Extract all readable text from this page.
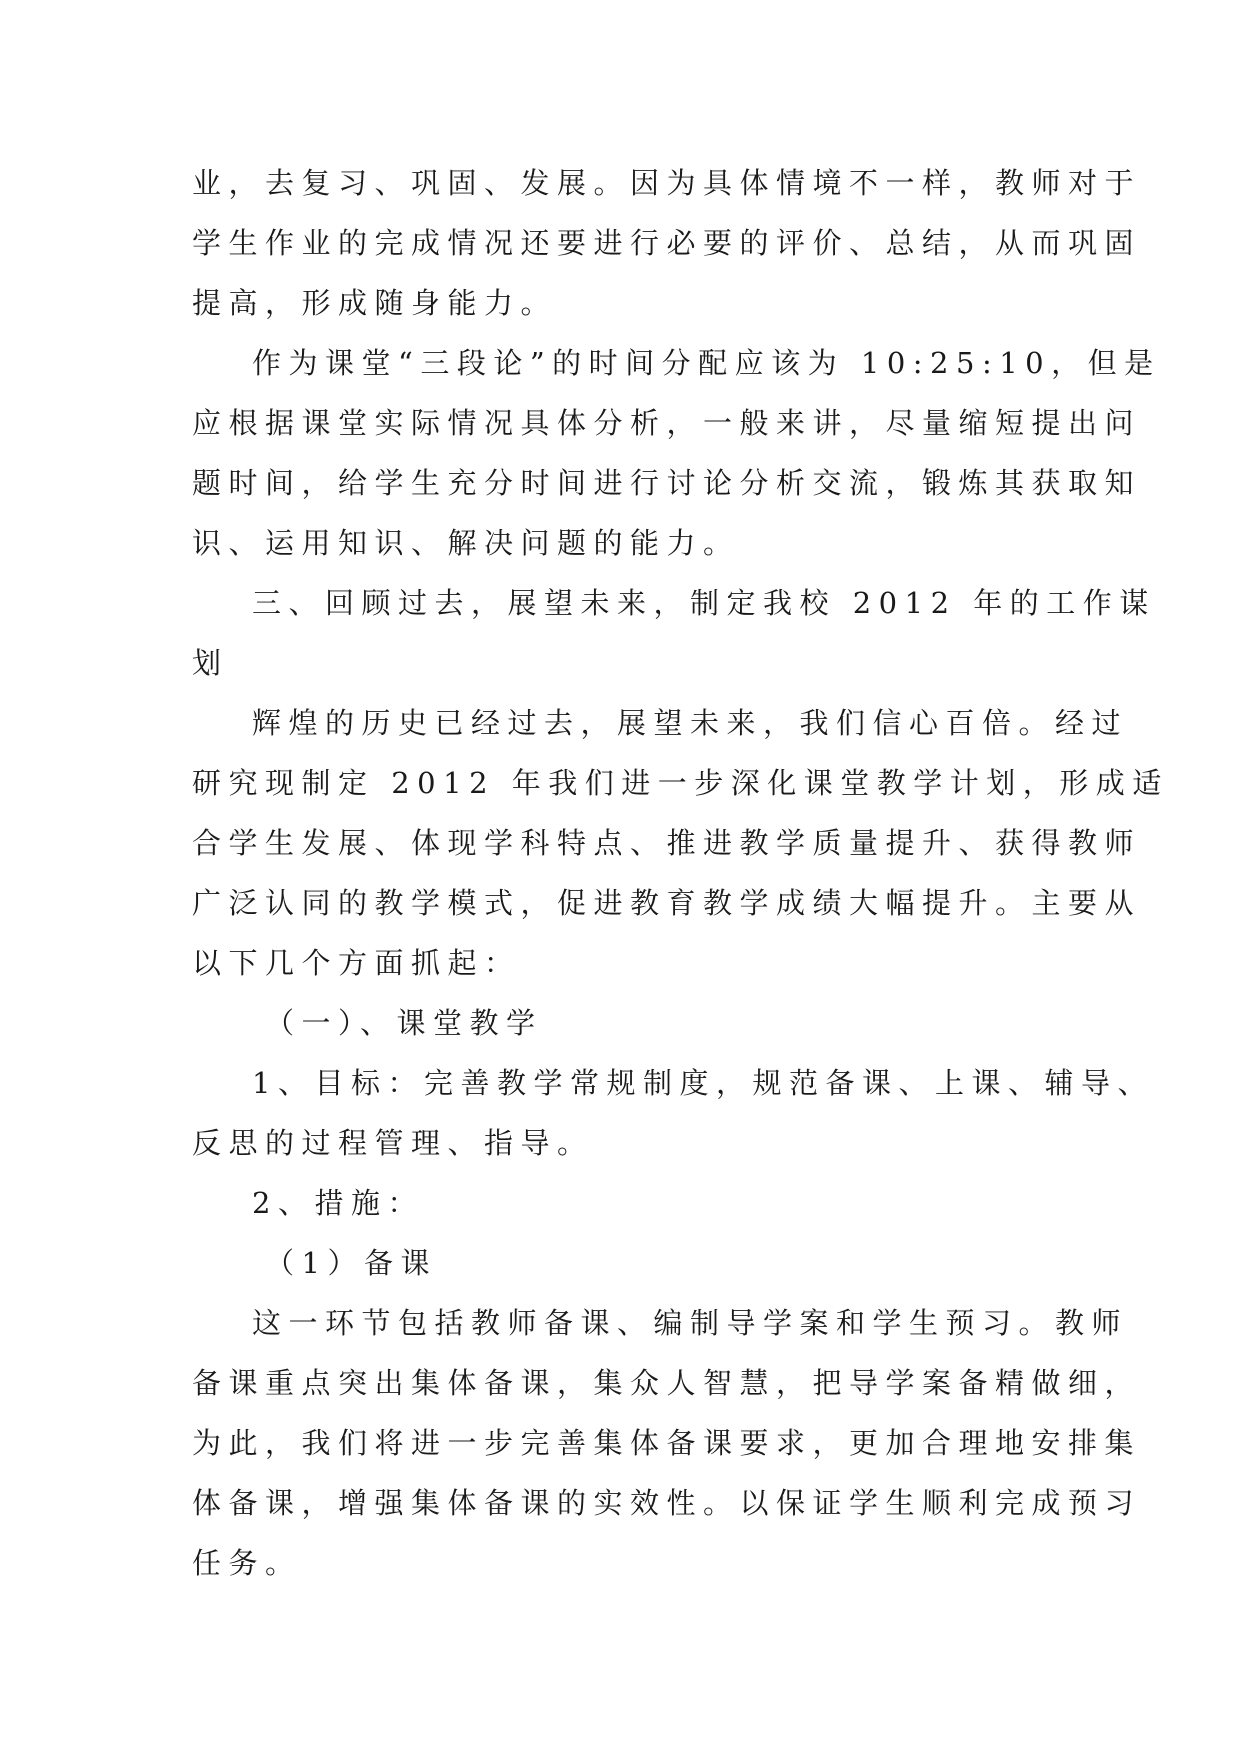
业，去复习、巩固、发展。因为具体情境不一样，教师对于
学生作业的完成情况还要进行必要的评价、总结，从而巩固
提高，形成随身能力。
作为课堂“三段论”的时间分配应该为 10:25:10，但是
应根据课堂实际情况具体分析，一般来讲，尽量缩短提出问
题时间，给学生充分时间进行讨论分析交流，锻炼其获取知
识、运用知识、解决问题的能力。
三、回顾过去，展望未来，制定我校 2012 年的工作谋
划
辉煌的历史已经过去，展望未来，我们信心百倍。经过
研究现制定 2012 年我们进一步深化课堂教学计划，形成适
合学生发展、体现学科特点、推进教学质量提升、获得教师
广泛认同的教学模式，促进教育教学成绩大幅提升。主要从
以下几个方面抓起：
（一）、课堂教学
1、目标：完善教学常规制度，规范备课、上课、辅导、
反思的过程管理、指导。
2、措施：
（1）备课
这一环节包括教师备课、编制导学案和学生预习。教师
备课重点突出集体备课，集众人智慧，把导学案备精做细，
为此，我们将进一步完善集体备课要求，更加合理地安排集
体备课，增强集体备课的实效性。以保证学生顺利完成预习
任务。
